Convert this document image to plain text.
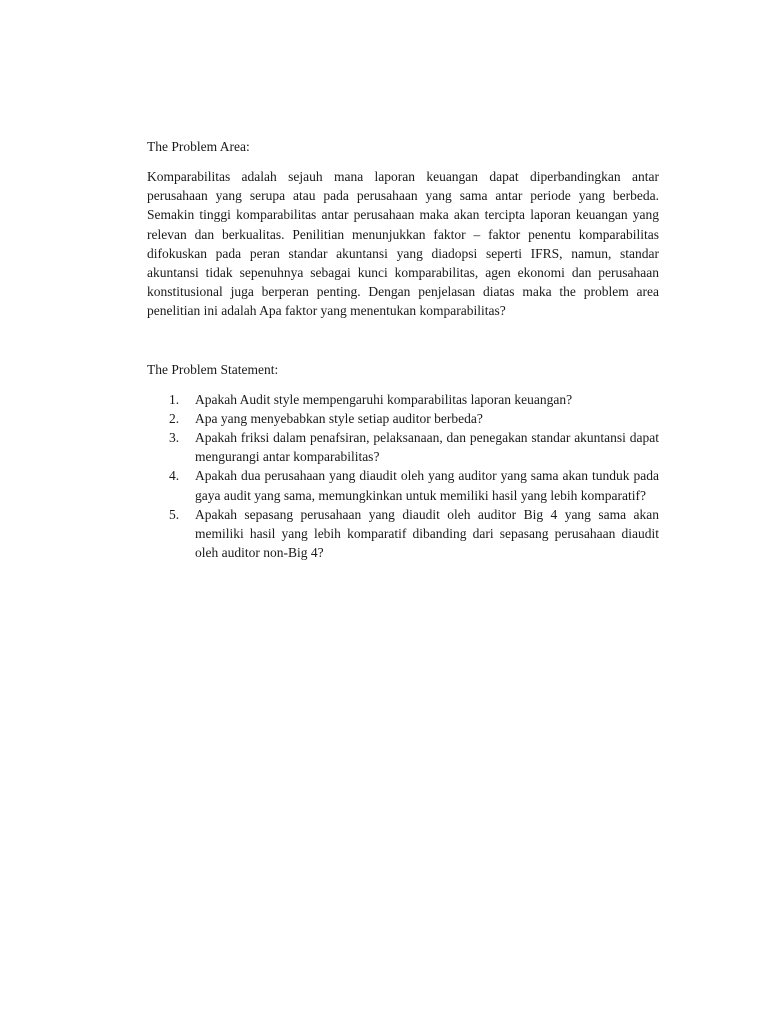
The Problem Area:

Komparabilitas adalah sejauh mana laporan keuangan dapat diperbandingkan antar perusahaan yang serupa atau pada perusahaan yang sama antar periode yang berbeda. Semakin tinggi komparabilitas antar perusahaan maka akan tercipta laporan keuangan yang relevan dan berkualitas. Penilitian menunjukkan faktor – faktor penentu komparabilitas difokuskan pada peran standar akuntansi yang diadopsi seperti IFRS, namun, standar akuntansi tidak sepenuhnya sebagai kunci komparabilitas, agen ekonomi dan perusahaan konstitusional juga berperan penting. Dengan penjelasan diatas maka the problem area penelitian ini adalah Apa faktor yang menentukan komparabilitas?

The Problem Statement:
1.	Apakah Audit style mempengaruhi komparabilitas laporan keuangan?
2.	Apa yang menyebabkan style setiap auditor berbeda?
3.	Apakah friksi dalam penafsiran, pelaksanaan, dan penegakan standar akuntansi dapat mengurangi antar komparabilitas?
4.	Apakah dua perusahaan yang diaudit oleh yang auditor yang sama akan tunduk pada gaya audit yang sama, memungkinkan untuk memiliki hasil yang lebih komparatif?
5.	Apakah sepasang perusahaan yang diaudit oleh auditor Big 4 yang sama akan memiliki hasil yang lebih komparatif dibanding dari sepasang perusahaan diaudit oleh auditor non-Big 4?
